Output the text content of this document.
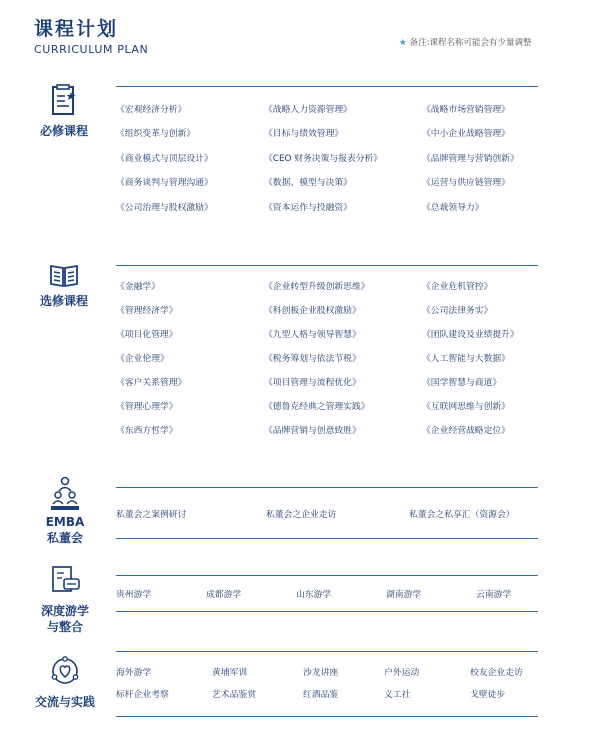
课程计划
CURRICULUM PLAN	★ 备注:课程名称可能会有少量调整
必修课程
《宏观经济分析》	《战略人力资源管理》	《战略市场营销管理》
《组织变革与创新》	《目标与绩效管理》	《中小企业战略管理》
《商业模式与顶层设计》	《CEO 财务决策与报表分析》	《品牌管理与营销创新》
《商务谈判与管理沟通》	《数据、模型与决策》	《运营与供应链管理》
《公司治理与股权激励》	《资本运作与投融资》	《总裁领导力》
选修课程
《金融学》	《企业转型升级创新思维》	《企业危机管控》
《管理经济学》	《科创板企业股权激励》	《公司法律务实》
《项目化管理》	《九型人格与领导智慧》	《团队建设及业绩提升》
《企业伦理》	《税务筹划与依法节税》	《人工智能与大数据》
《客户关系管理》	《项目管理与流程优化》	《国学智慧与商道》
《管理心理学》	《德鲁克经典之管理实践》	《互联网思维与创新》
《东西方哲学》	《品牌营销与创意致胜》	《企业经营战略定位》
EMBA
私董会
私董会之案例研讨	私董会之企业走访	私董会之私享汇（资源会）
深度游学
与整合
贵州游学	成都游学	山东游学	湖南游学	云南游学
交流与实践
海外游学	黄埔军训	沙龙讲座	户外运动	校友企业走访
标杆企业考察	艺术品鉴赏	红酒品鉴	义工社	戈壁徒步
